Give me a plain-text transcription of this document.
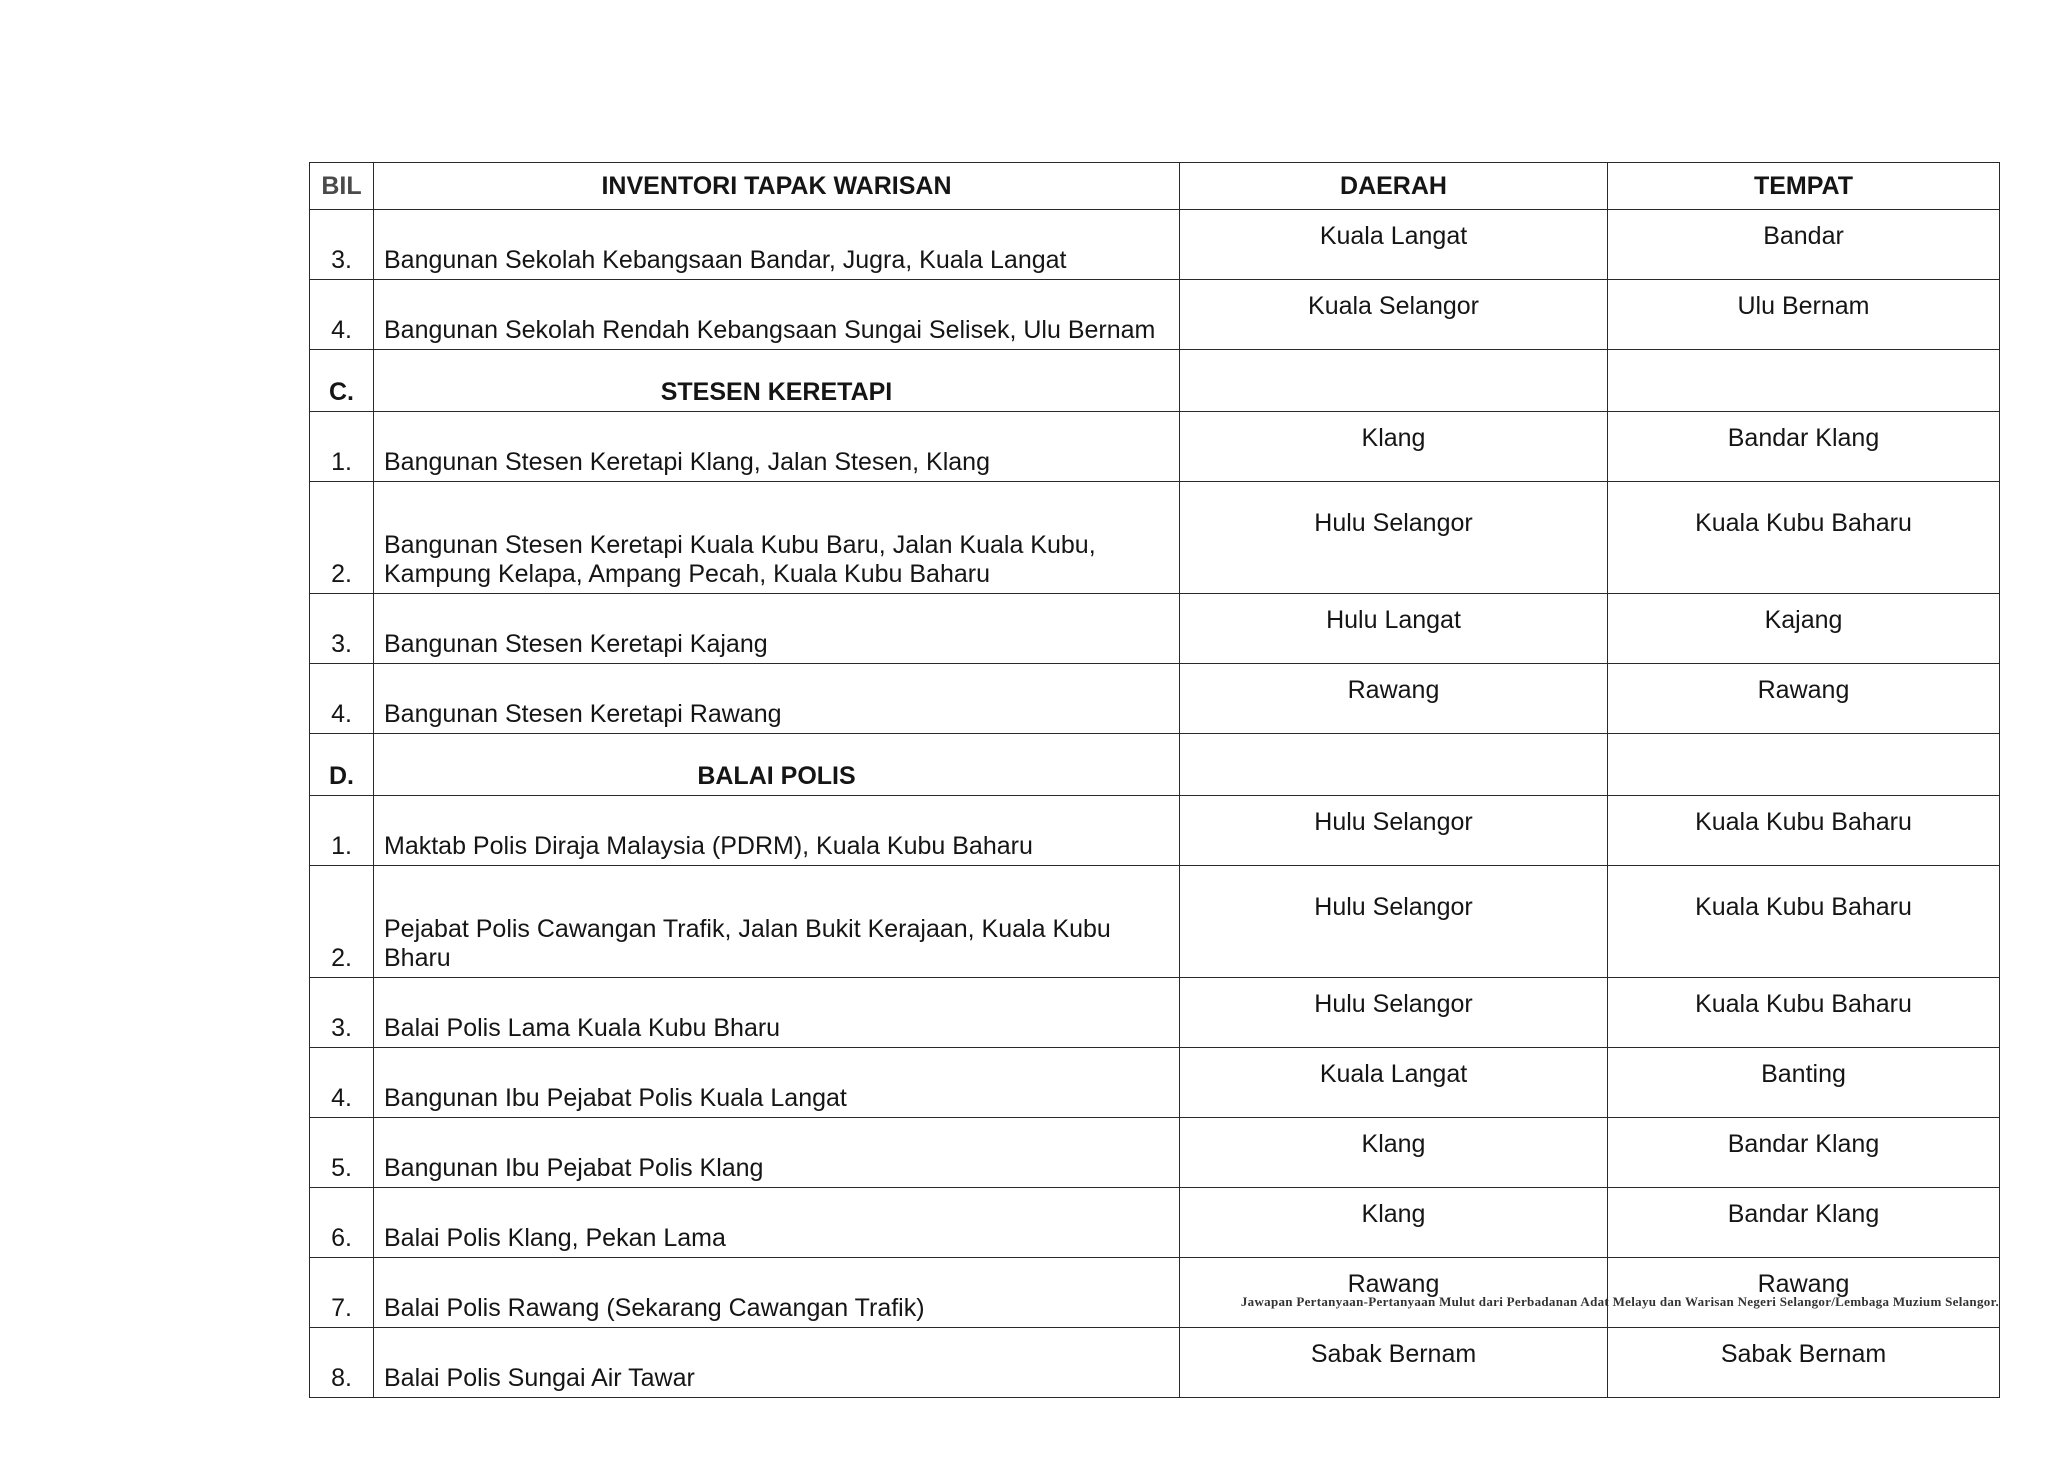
BIL	INVENTORI TAPAK WARISAN	DAERAH	TEMPAT
3.	Bangunan Sekolah Kebangsaan Bandar, Jugra, Kuala Langat	Kuala Langat	Bandar
4.	Bangunan Sekolah Rendah Kebangsaan Sungai Selisek, Ulu Bernam	Kuala Selangor	Ulu Bernam
C.	STESEN KERETAPI		
1.	Bangunan Stesen Keretapi Klang, Jalan Stesen, Klang	Klang	Bandar Klang
2.	Bangunan Stesen Keretapi Kuala Kubu Baru, Jalan Kuala Kubu, Kampung Kelapa, Ampang Pecah, Kuala Kubu Baharu	Hulu Selangor	Kuala Kubu Baharu
3.	Bangunan Stesen Keretapi Kajang	Hulu Langat	Kajang
4.	Bangunan Stesen Keretapi Rawang	Rawang	Rawang
D.	BALAI POLIS		
1.	Maktab Polis Diraja Malaysia (PDRM), Kuala Kubu Baharu	Hulu Selangor	Kuala Kubu Baharu
2.	Pejabat Polis Cawangan Trafik, Jalan Bukit Kerajaan, Kuala Kubu Bharu	Hulu Selangor	Kuala Kubu Baharu
3.	Balai Polis Lama Kuala Kubu Bharu	Hulu Selangor	Kuala Kubu Baharu
4.	Bangunan Ibu Pejabat Polis Kuala Langat	Kuala Langat	Banting
5.	Bangunan Ibu Pejabat Polis Klang	Klang	Bandar Klang
6.	Balai Polis Klang, Pekan Lama	Klang	Bandar Klang
7.	Balai Polis Rawang (Sekarang Cawangan Trafik)	Rawang	Rawang
8.	Balai Polis Sungai Air Tawar	Sabak Bernam	Sabak Bernam
Jawapan Pertanyaan-Pertanyaan Mulut dari Perbadanan Adat Melayu dan Warisan Negeri Selangor/Lembaga Muzium Selangor.
